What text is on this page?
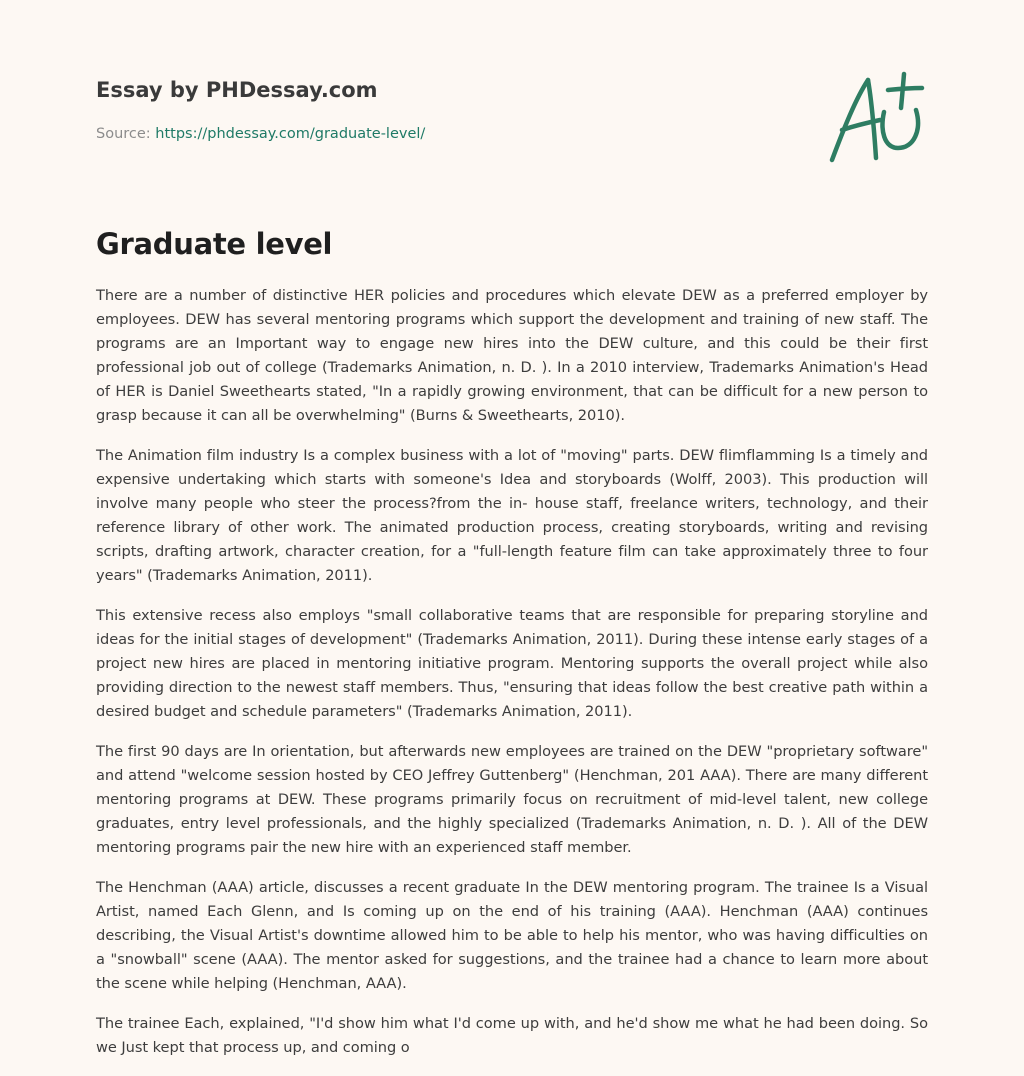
Essay by PHDessay.com
Source: https://phdessay.com/graduate-level/
Graduate level

There are a number of distinctive HER policies and procedures which elevate DEW as a preferred employer by employees. DEW has several mentoring programs which support the development and training of new staff. The programs are an Important way to engage new hires into the DEW culture, and this could be their first professional job out of college (Trademarks Animation, n. D. ). In a 2010 interview, Trademarks Animation's Head of HER is Daniel Sweethearts stated, "In a rapidly growing environment, that can be difficult for a new person to grasp because it can all be overwhelming" (Burns & Sweethearts, 2010).

The Animation film industry Is a complex business with a lot of "moving" parts. DEW flimflamming Is a timely and expensive undertaking which starts with someone's Idea and storyboards (Wolff, 2003). This production will involve many people who steer the process?from the in- house staff, freelance writers, technology, and their reference library of other work. The animated production process, creating storyboards, writing and revising scripts, drafting artwork, character creation, for a "full-length feature film can take approximately three to four years" (Trademarks Animation, 2011).

This extensive recess also employs "small collaborative teams that are responsible for preparing storyline and ideas for the initial stages of development" (Trademarks Animation, 2011). During these intense early stages of a project new hires are placed in mentoring initiative program. Mentoring supports the overall project while also providing direction to the newest staff members. Thus, "ensuring that ideas follow the best creative path within a desired budget and schedule parameters" (Trademarks Animation, 2011).

The first 90 days are In orientation, but afterwards new employees are trained on the DEW "proprietary software" and attend "welcome session hosted by CEO Jeffrey Guttenberg" (Henchman, 201 AAA). There are many different mentoring programs at DEW. These programs primarily focus on recruitment of mid-level talent, new college graduates, entry level professionals, and the highly specialized (Trademarks Animation, n. D. ). All of the DEW mentoring programs pair the new hire with an experienced staff member.

The Henchman (AAA) article, discusses a recent graduate In the DEW mentoring program. The trainee Is a Visual Artist, named Each Glenn, and Is coming up on the end of his training (AAA). Henchman (AAA) continues describing, the Visual Artist's downtime allowed him to be able to help his mentor, who was having difficulties on a "snowball" scene (AAA). The mentor asked for suggestions, and the trainee had a chance to learn more about the scene while helping (Henchman, AAA).

The trainee Each, explained, "I'd show him what I'd come up with, and he'd show me what he had been doing. So we Just kept that process up, and coming o
